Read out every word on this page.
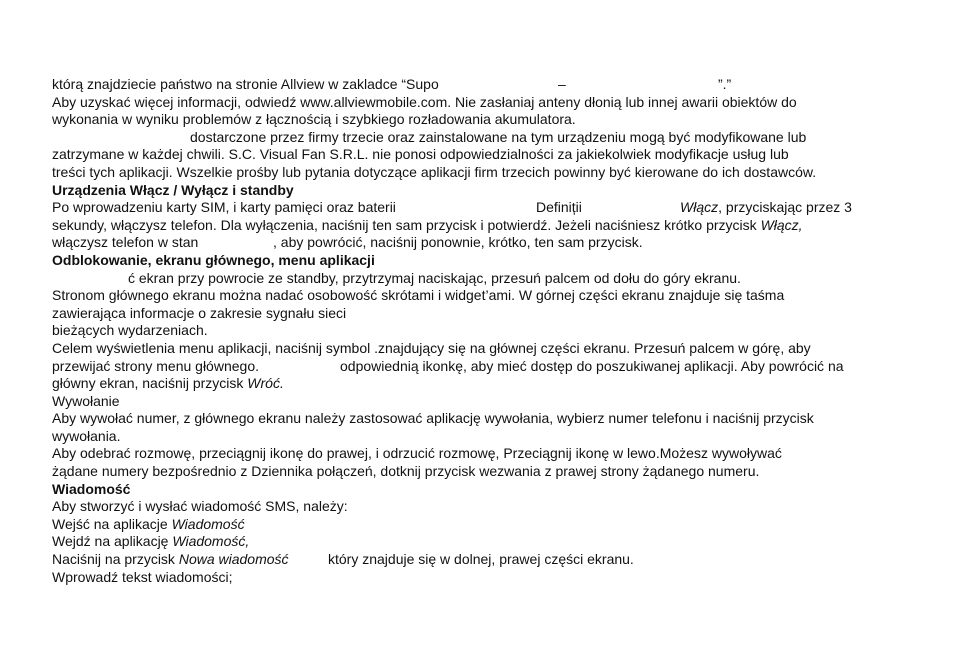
którą znajdziecie państwo na stronie Allview w zakladce “Supo	–	”.”
Aby uzyskać więcej informacji, odwiedź www.allviewmobile.com. Nie zasłaniaj anteny dłonią lub innej awarii obiektów do
wykonania w wyniku problemów z łącznością i szybkiego rozładowania akumulatora.
dostarczone przez firmy trzecie oraz zainstalowane na tym urządzeniu mogą być modyfikowane lub
zatrzymane w każdej chwili. S.C. Visual Fan S.R.L. nie ponosi odpowiedzialności za jakiekolwiek modyfikacje usług lub
treści tych aplikacji. Wszelkie prośby lub pytania dotyczące aplikacji firm trzecich powinny być kierowane do ich dostawców.
Urządzenia Włącz / Wyłącz i standby
Po wprowadzeniu karty SIM, i karty pamięci oraz baterii	Definițiі	Włącz, przyciskając przez 3
sekundy, włączysz telefon. Dla wyłączenia, naciśnij ten sam przycisk i potwierdź. Jeżeli naciśniesz krótko przycisk Włącz,
włączysz telefon w stan	, aby powrócić, naciśnij ponownie, krótko, ten sam przycisk.
Odblokowanie, ekranu głównego, menu aplikacji
ć ekran przy powrocie ze standby, przytrzymaj naciskając, przesuń palcem od dołu do góry ekranu.
Stronom głównego ekranu można nadać osobowość skrótami i widget’ami. W górnej części ekranu znajduje się taśma
zawierająca informacje o zakresie sygnału sieci
bieżących wydarzeniach.
Celem wyświetlenia menu aplikacji, naciśnij symbol .znajdujący się na głównej części ekranu. Przesuń palcem w górę, aby
przewijać strony menu głównego.	odpowiednią ikonkę, aby mieć dostęp do poszukiwanej aplikacji. Aby powrócić na
główny ekran, naciśnij przycisk Wróć.
Wywołanie
Aby wywołać numer, z głównego ekranu należy zastosować aplikację wywołania, wybierz numer telefonu i naciśnij przycisk
wywołania.
Aby odebrać rozmowę, przeciągnij ikonę do prawej, i odrzucić rozmowę, Przeciągnij ikonę w lewo.Możesz wywoływać
żądane numery bezpośrednio z Dziennika połączeń, dotknij przycisk wezwania z prawej strony żądanego numeru.
Wiadomość
Aby stworzyć i wysłać wiadomość SMS, należy:
Wejść na aplikacje Wiadomość
Wejdź na aplikację Wiadomość,
Naciśnij na przycisk Nowa wiadomość	który znajduje się w dolnej, prawej części ekranu.
Wprowadź tekst wiadomości;
